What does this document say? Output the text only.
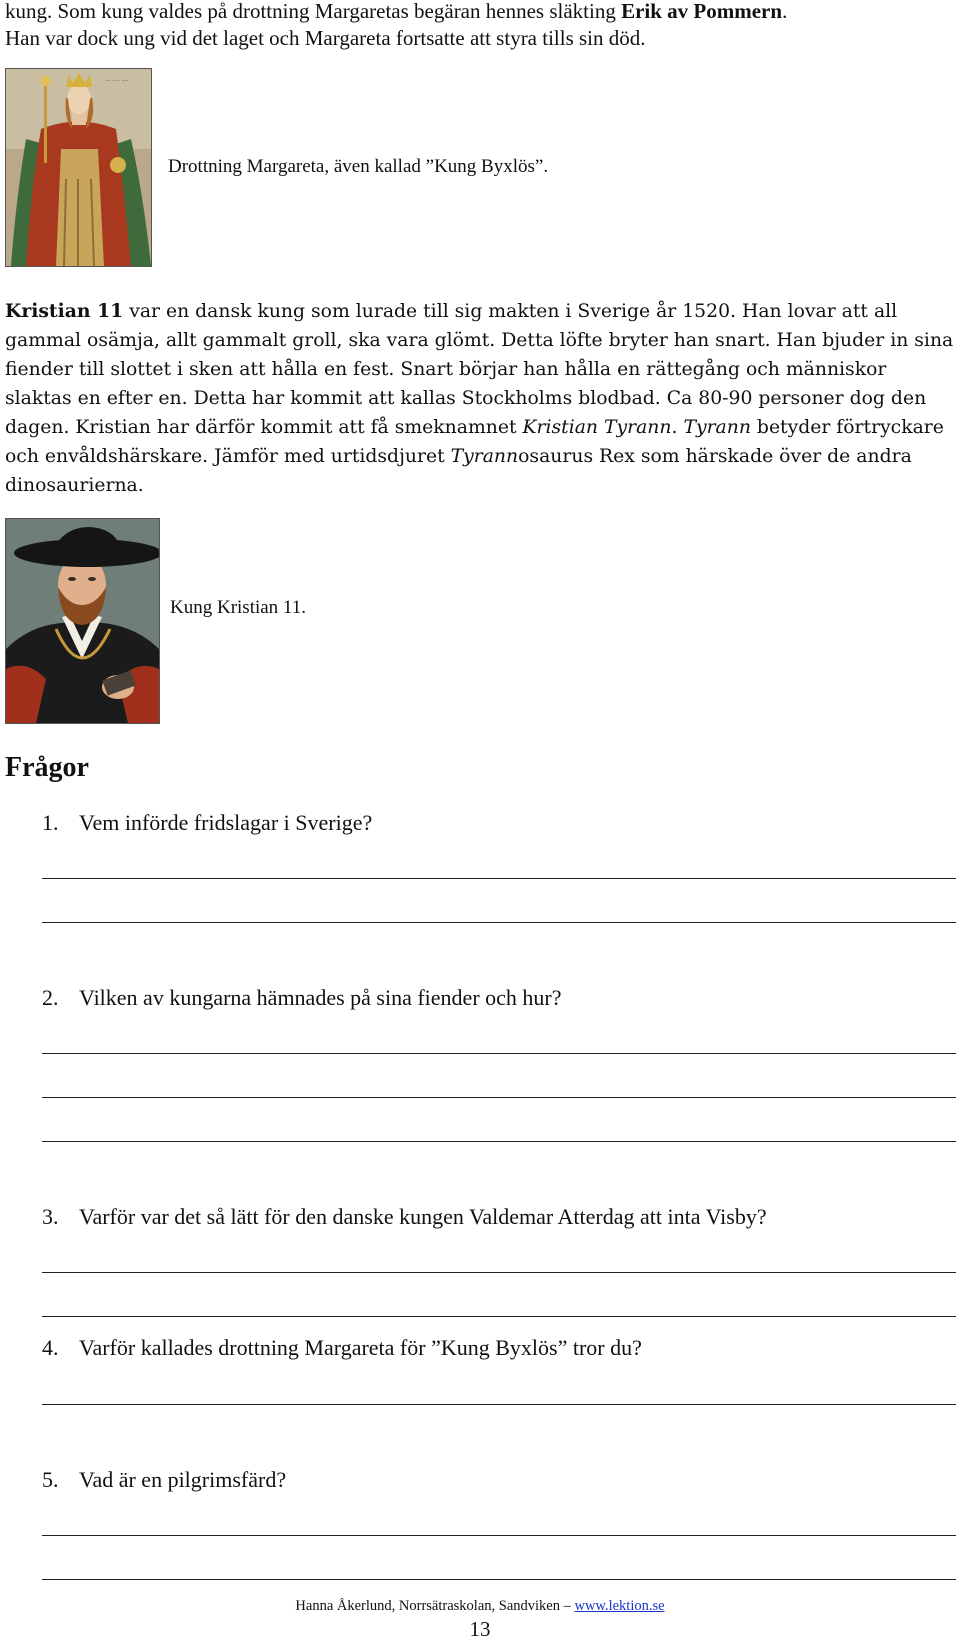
kung. Som kung valdes på drottning Margaretas begäran hennes släkting Erik av Pommern.

Han var dock ung vid det laget och Margareta fortsatte att styra tills sin död.

·· ··· ···
Drottning Margareta, även kallad ”Kung Byxlös”.

Kristian 11 var en dansk kung som lurade till sig makten i Sverige år 1520. Han lovar att all gammal osämja, allt gammalt groll, ska vara glömt. Detta löfte bryter han snart. Han bjuder in sina fiender till slottet i sken att hålla en fest. Snart börjar han hålla en rättegång och människor slaktas en efter en. Detta har kommit att kallas Stockholms blodbad. Ca 80-90 personer dog den dagen. Kristian har därför kommit att få smeknamnet Kristian Tyrann. Tyrann betyder förtryckare och envåldshärskare. Jämför med urtidsdjuret Tyrannosaurus Rex som härskade över de andra dinosaurierna.

Kung Kristian 11.
Frågor
1. Vem införde fridslagar i Sverige?
2. Vilken av kungarna hämnades på sina fiender och hur?
3. Varför var det så lätt för den danske kungen Valdemar Atterdag att inta Visby?
4. Varför kallades drottning Margareta för ”Kung Byxlös” tror du?
5. Vad är en pilgrimsfärd?
Hanna Åkerlund, Norrsätraskolan, Sandviken – www.lektion.se
13
